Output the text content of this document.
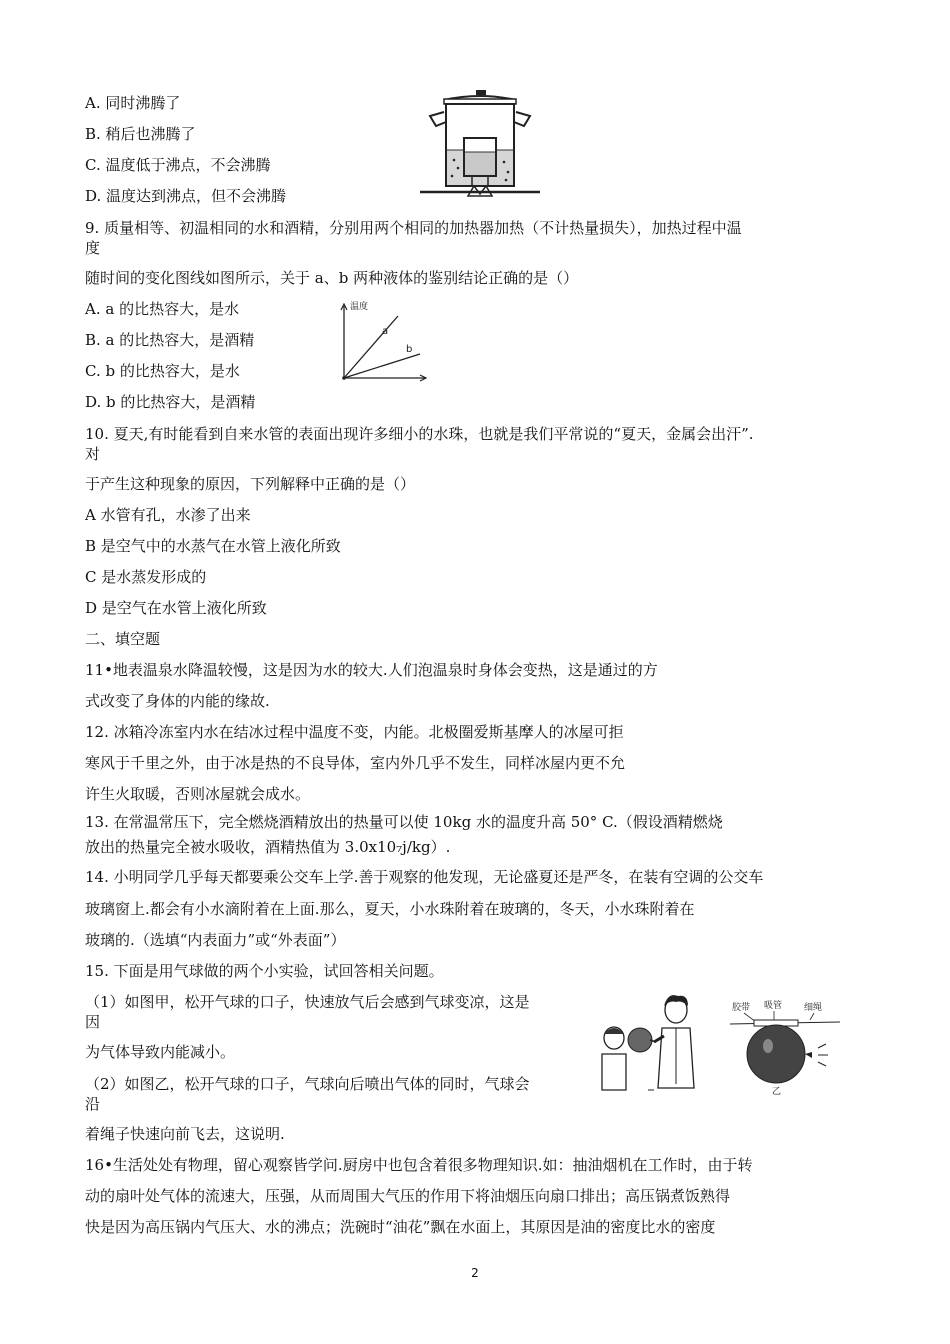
A. 同时沸腾了
B. 稍后也沸腾了
C. 温度低于沸点，不会沸腾
D. 温度达到沸点，但不会沸腾
9. 质量相等、初温相同的水和酒精，分别用两个相同的加热器加热（不计热量损失），加热过程中温
度
随时间的变化图线如图所示，关于 a、b 两种液体的鉴别结论正确的是（）
A. a 的比热容大，是水
B. a 的比热容大，是酒精
C. b 的比热容大，是水
D. b 的比热容大，是酒精
10. 夏天,有时能看到自来水管的表面出现许多细小的水珠，也就是我们平常说的“夏天，金属会出汗”.
对
于产生这种现象的原因，下列解释中正确的是（）
A 水管有孔，水渗了出来
B 是空气中的水蒸气在水管上液化所致
C 是水蒸发形成的
D 是空气在水管上液化所致
二、填空题
11•地表温泉水降温较慢，这是因为水的较大.人们泡温泉时身体会变热，这是通过的方
式改变了身体的内能的缘故.
12. 冰箱冷冻室内水在结冰过程中温度不变，内能。北极圈爱斯基摩人的冰屋可拒
寒风于千里之外，由于冰是热的不良导体，室内外几乎不发生，同样冰屋内更不允
许生火取暖，否则冰屋就会成水。
13. 在常温常压下，完全燃烧酒精放出的热量可以使 10kg 水的温度升高 50° C.（假设酒精燃烧
放出的热量完全被水吸收，酒精热值为 3.0x10₇j/kg）.
14. 小明同学几乎每天都要乘公交车上学.善于观察的他发现，无论盛夏还是严冬，在装有空调的公交车
玻璃窗上.都会有小水滴附着在上面.那么，夏天，小水珠附着在玻璃的，冬天，小水珠附着在
玻璃的.（选填“内表面力”或“外表面”）
15. 下面是用气球做的两个小实验，试回答相关问题。
（1）如图甲，松开气球的口子，快速放气后会感到气球变凉，这是
因
为气体导致内能减小。
（2）如图乙，松开气球的口子，气球向后喷出气体的同时，气球会
沿
着绳子快速向前飞去，这说明.
16•生活处处有物理，留心观察皆学问.厨房中也包含着很多物理知识.如：抽油烟机在工作时，由于转
动的扇叶处气体的流速大，压强，从而周围大气压的作用下将油烟压向扇口排出；高压锅煮饭熟得
快是因为高压锅内气压大、水的沸点；洗碗时“油花”飘在水面上，其原因是油的密度比水的密度
温度
a
b
胶带 吸管 细绳
乙
2
